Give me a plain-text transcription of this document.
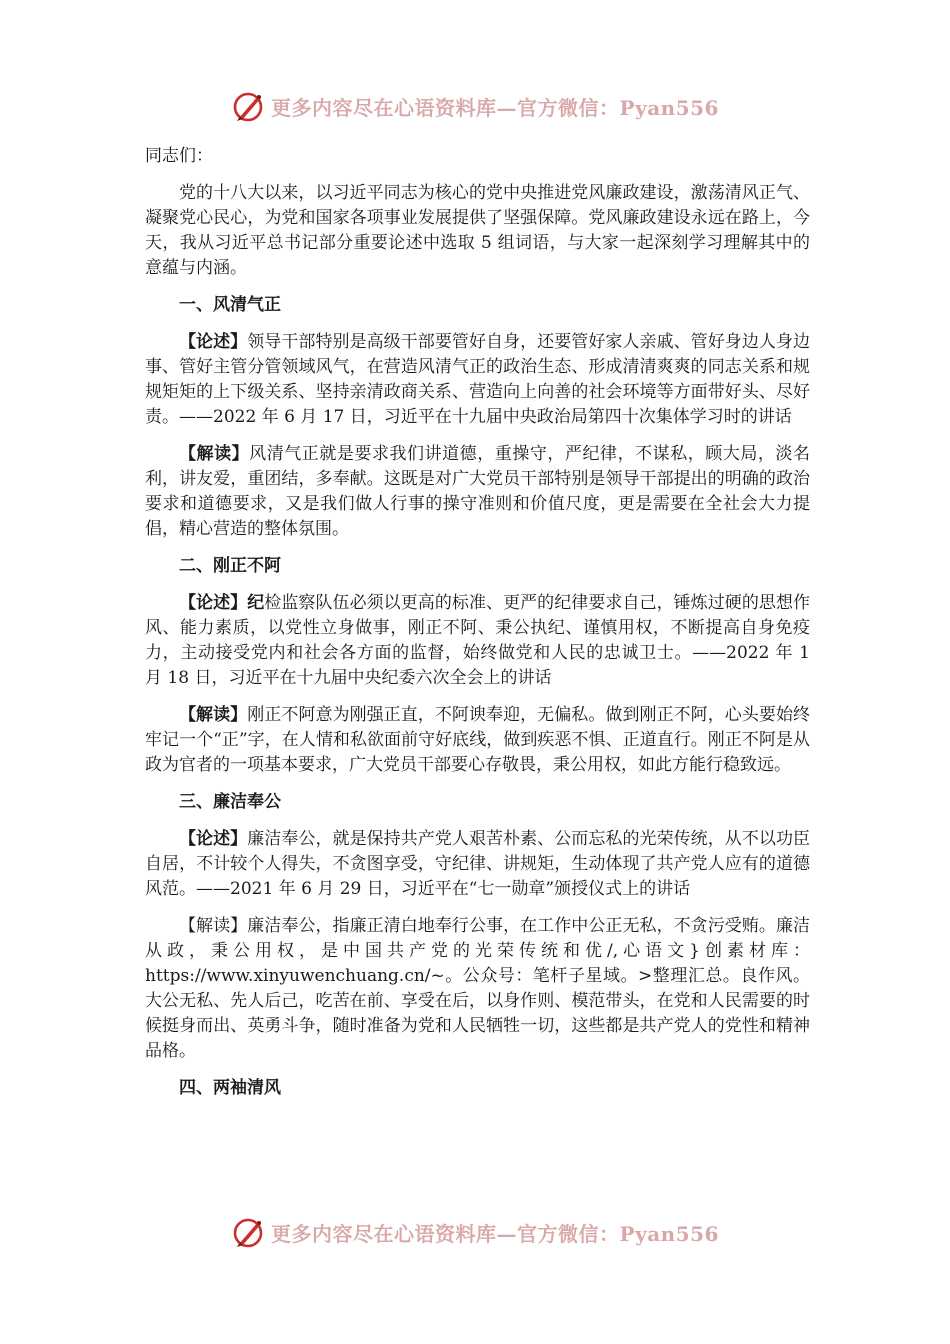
更多内容尽在心语资料库—官方微信：Pyan556
同志们：
党的十八大以来，以习近平同志为核心的党中央推进党风廉政建设，激荡清风正气、凝聚党心民心，为党和国家各项事业发展提供了坚强保障。党风廉政建设永远在路上，今天，我从习近平总书记部分重要论述中选取 5 组词语，与大家一起深刻学习理解其中的意蕴与内涵。
一、风清气正
【论述】领导干部特别是高级干部要管好自身，还要管好家人亲戚、管好身边人身边事、管好主管分管领域风气，在营造风清气正的政治生态、形成清清爽爽的同志关系和规规矩矩的上下级关系、坚持亲清政商关系、营造向上向善的社会环境等方面带好头、尽好责。——2022 年 6 月 17 日，习近平在十九届中央政治局第四十次集体学习时的讲话
【解读】风清气正就是要求我们讲道德，重操守，严纪律，不谋私，顾大局，淡名利，讲友爱，重团结，多奉献。这既是对广大党员干部特别是领导干部提出的明确的政治要求和道德要求，又是我们做人行事的操守准则和价值尺度，更是需要在全社会大力提倡，精心营造的整体氛围。
二、刚正不阿
【论述】纪检监察队伍必须以更高的标准、更严的纪律要求自己，锤炼过硬的思想作风、能力素质，以党性立身做事，刚正不阿、秉公执纪、谨慎用权，不断提高自身免疫力，主动接受党内和社会各方面的监督，始终做党和人民的忠诚卫士。——2022 年 1 月 18 日，习近平在十九届中央纪委六次全会上的讲话
【解读】刚正不阿意为刚强正直，不阿谀奉迎，无偏私。做到刚正不阿，心头要始终牢记一个“正”字，在人情和私欲面前守好底线，做到疾恶不惧、正道直行。刚正不阿是从政为官者的一项基本要求，广大党员干部要心存敬畏，秉公用权，如此方能行稳致远。
三、廉洁奉公
【论述】廉洁奉公，就是保持共产党人艰苦朴素、公而忘私的光荣传统，从不以功臣自居，不计较个人得失，不贪图享受，守纪律、讲规矩，生动体现了共产党人应有的道德风范。——2021 年 6 月 29 日，习近平在“七一勋章”颁授仪式上的讲话
【解读】廉洁奉公，指廉正清白地奉行公事，在工作中公正无私，不贪污受贿。廉洁从政，秉公用权，是中国共产党的光荣传统和优/,心语文}创素材库：https://www.xinyuwenchuang.cn/~。公众号：笔杆子星域。>整理汇总。良作风。大公无私、先人后己，吃苦在前、享受在后，以身作则、模范带头，在党和人民需要的时候挺身而出、英勇斗争，随时准备为党和人民牺牲一切，这些都是共产党人的党性和精神品格。
四、两袖清风
更多内容尽在心语资料库—官方微信：Pyan556
